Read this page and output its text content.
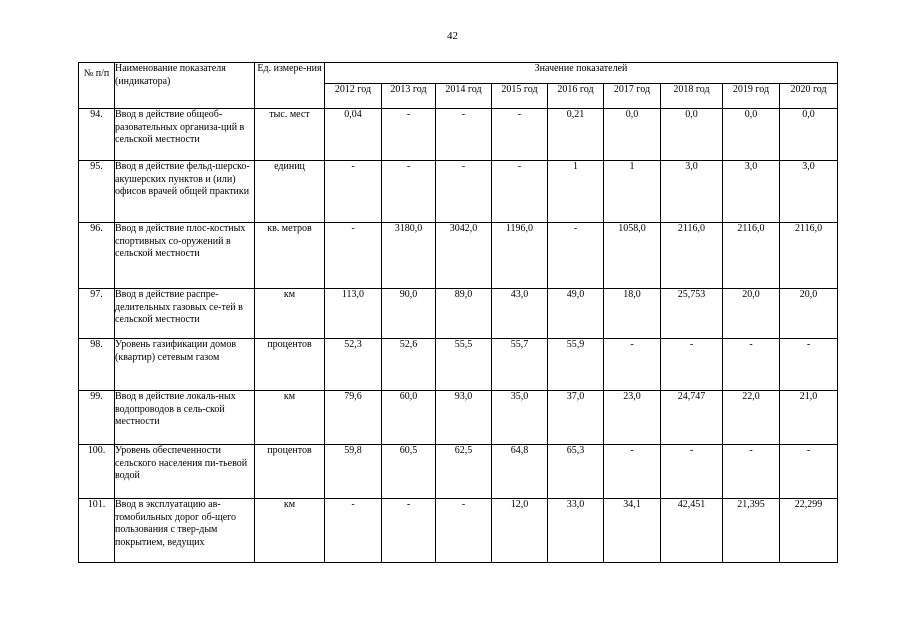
42
№ п/п	Наименование показателя (индикатора)	Ед. измере-ния	Значение показателей								
			2012 год	2013 год	2014 год	2015 год	2016 год	2017 год	2018 год	2019 год	2020 год
94.	Ввод в действие общеоб-разовательных организа-ций в сельской местности	тыс. мест	0,04	-	-	-	0,21	0,0	0,0	0,0	0,0
95.	Ввод в действие фельд-шерско-акушерских пунктов и (или) офисов врачей общей практики	единиц	-	-	-	-	1	1	3,0	3,0	3,0
96.	Ввод в действие плос-костных спортивных со-оружений в сельской местности	кв. метров	-	3180,0	3042,0	1196,0	-	1058,0	2116,0	2116,0	2116,0
97.	Ввод в действие распре-делительных газовых се-тей в сельской местности	км	113,0	90,0	89,0	43,0	49,0	18,0	25,753	20,0	20,0
98.	Уровень газификации домов (квартир) сетевым газом	процентов	52,3	52,6	55,5	55,7	55,9	-	-	-	-
99.	Ввод в действие локаль-ных водопроводов в сель-ской местности	км	79,6	60,0	93,0	35,0	37,0	23,0	24,747	22,0	21,0
100.	Уровень обеспеченности сельского населения пи-тьевой водой	процентов	59,8	60,5	62,5	64,8	65,3	-	-	-	-
101.	Ввод в эксплуатацию ав-томобильных дорог об-щего пользования с твер-дым покрытием, ведущих	км	-	-	-	12,0	33,0	34,1	42,451	21,395	22,299
